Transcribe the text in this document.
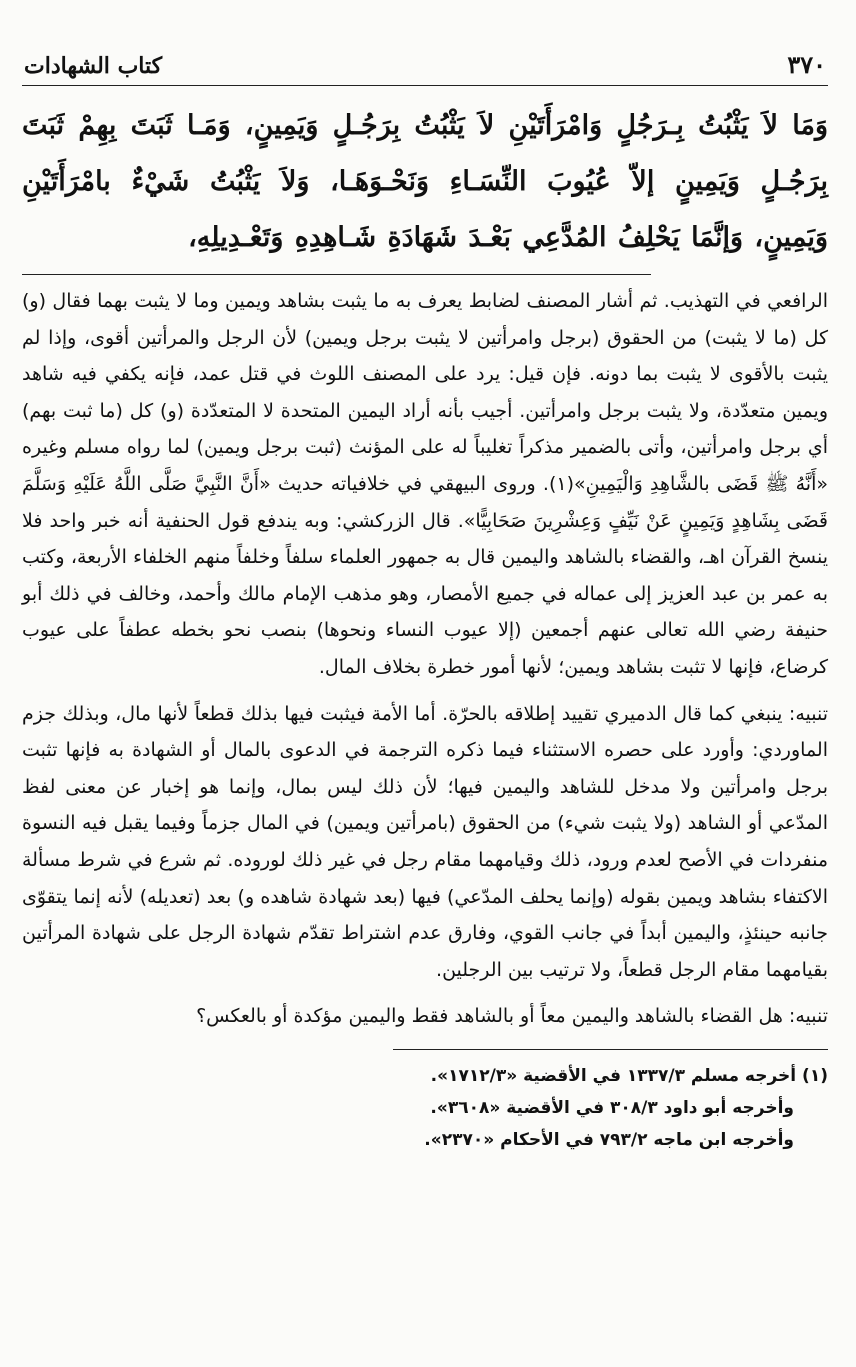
٣٧٠
كتاب الشهادات
وَمَا لاَ يَثْبُتُ بِـرَجُلٍ وَامْرَأَتَيْنِ لاَ يَثْبُتُ بِرَجُـلٍ وَيَمِينٍ، وَمَـا ثَبَتَ بِهِمْ ثَبَتَ بِرَجُـلٍ وَيَمِينٍ إلاّ عُيُوبَ النِّسَـاءِ وَنَحْـوَهَـا، وَلاَ يَثْبُتُ شَيْءٌ بامْرَأَتَيْنِ وَيَمِينٍ، وَإنَّمَا يَحْلِفُ المُدَّعِي بَعْـدَ شَهَادَةِ شَـاهِدِهِ وَتَعْـدِيلِهِ،

الرافعي في التهذيب. ثم أشار المصنف لضابط يعرف به ما يثبت بشاهد ويمين وما لا يثبت بهما فقال (و) كل (ما لا يثبت) من الحقوق (برجل وامرأتين لا يثبت برجل ويمين) لأن الرجل والمرأتين أقوى، وإذا لم يثبت بالأقوى لا يثبت بما دونه. فإن قيل: يرد على المصنف اللوث في قتل عمد، فإنه يكفي فيه شاهد ويمين متعدّدة، ولا يثبت برجل وامرأتين. أجيب بأنه أراد اليمين المتحدة لا المتعدّدة (و) كل (ما ثبت بهم) أي برجل وامرأتين، وأتى بالضمير مذكراً تغليباً له على المؤنث (ثبت برجل ويمين) لما رواه مسلم وغيره «أَنَّهُ ﷺ قَضَى بالشَّاهِدِ وَالْيَمِينِ»(١). وروى البيهقي في خلافياته حديث «أَنَّ النَّبِيَّ صَلَّى اللَّهُ عَلَيْهِ وَسَلَّمَ قَضَى بِشَاهِدٍ وَيَمِينٍ عَنْ نَيِّفٍ وَعِشْرِينَ صَحَابِيًّا». قال الزركشي: وبه يندفع قول الحنفية أنه خبر واحد فلا ينسخ القرآن اهـ، والقضاء بالشاهد واليمين قال به جمهور العلماء سلفاً وخلفاً منهم الخلفاء الأربعة، وكتب به عمر بن عبد العزيز إلى عماله في جميع الأمصار، وهو مذهب الإمام مالك وأحمد، وخالف في ذلك أبو حنيفة رضي الله تعالى عنهم أجمعين (إلا عيوب النساء ونحوها) بنصب نحو بخطه عطفاً على عيوب كرضاع، فإنها لا تثبت بشاهد ويمين؛ لأنها أمور خطرة بخلاف المال.

تنبيه: ينبغي كما قال الدميري تقييد إطلاقه بالحرّة. أما الأمة فيثبت فيها بذلك قطعاً لأنها مال، وبذلك جزم الماوردي: وأورد على حصره الاستثناء فيما ذكره الترجمة في الدعوى بالمال أو الشهادة به فإنها تثبت برجل وامرأتين ولا مدخل للشاهد واليمين فيها؛ لأن ذلك ليس بمال، وإنما هو إخبار عن معنى لفظ المدّعي أو الشاهد (ولا يثبت شيء) من الحقوق (بامرأتين ويمين) في المال جزماً وفيما يقبل فيه النسوة منفردات في الأصح لعدم ورود، ذلك وقيامهما مقام رجل في غير ذلك لوروده. ثم شرع في شرط مسألة الاكتفاء بشاهد ويمين بقوله (وإنما يحلف المدّعي) فيها (بعد شهادة شاهده و) بعد (تعديله) لأنه إنما يتقوّى جانبه حينئذٍ، واليمين أبداً في جانب القوي، وفارق عدم اشتراط تقدّم شهادة الرجل على شهادة المرأتين بقيامهما مقام الرجل قطعاً، ولا ترتيب بين الرجلين.

تنبيه: هل القضاء بالشاهد واليمين معاً أو بالشاهد فقط واليمين مؤكدة أو بالعكس؟

(١) أخرجه مسلم ١٣٣٧/٣ في الأقضية «١٧١٢/٣».

وأخرجه أبو داود ٣٠٨/٣ في الأقضية «٣٦٠٨».

وأخرجه ابن ماجه ٧٩٣/٢ في الأحكام «٢٣٧٠».
